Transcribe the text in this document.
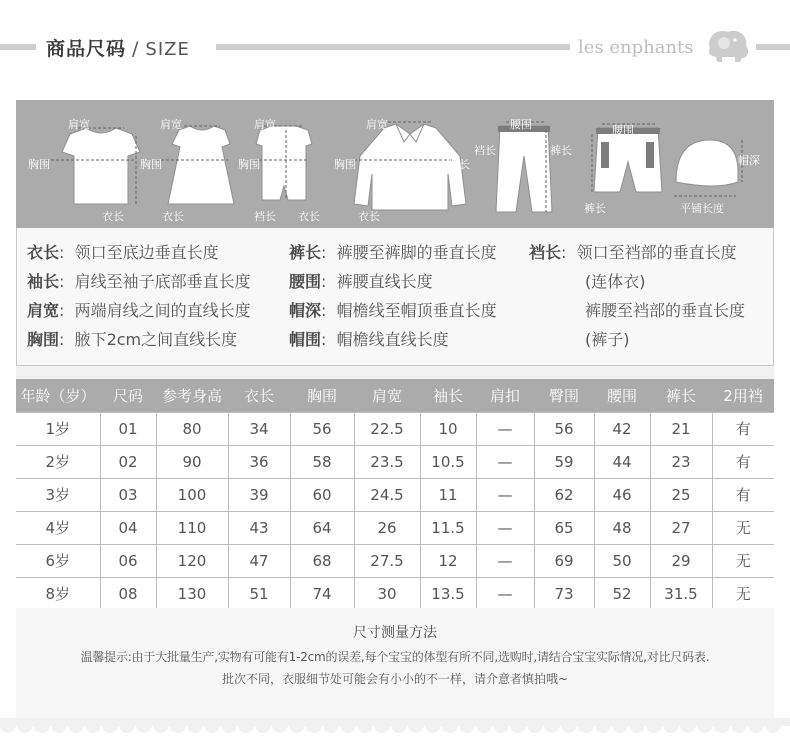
商品尺码 / SIZE	les enphants
肩宽
胸围
衣长
肩宽
胸围
衣长
肩宽
胸围
裆长 衣长
肩宽
胸围	袖长
衣长
腰围
裆长	裤长
腰围
裤长
帽深
平铺长度
衣长: 领口至底边垂直长度
袖长: 肩线至袖子底部垂直长度
肩宽: 两端肩线之间的直线长度
胸围: 腋下2cm之间直线长度
裤长: 裤腰至裤脚的垂直长度
腰围: 裤腰直线长度
帽深: 帽檐线至帽顶垂直长度
帽围: 帽檐线直线长度
裆长: 领口至裆部的垂直长度
(连体衣)
裤腰至裆部的垂直长度
(裤子)
年龄（岁）	尺码	参考身高	衣长	胸围	肩宽	袖长	肩扣	臀围	腰围	裤长	2用裆
1岁	01	80	34	56	22.5	10	—	56	42	21	有
2岁	02	90	36	58	23.5	10.5	—	59	44	23	有
3岁	03	100	39	60	24.5	11	—	62	46	25	有
4岁	04	110	43	64	26	11.5	—	65	48	27	无
6岁	06	120	47	68	27.5	12	—	69	50	29	无
8岁	08	130	51	74	30	13.5	—	73	52	31.5	无
尺寸测量方法
温馨提示:由于大批量生产,实物有可能有1-2cm的误差,每个宝宝的体型有所不同,选购时,请结合宝宝实际情况,对比尺码表.
批次不同，衣服细节处可能会有小小的不一样，请介意者慎拍哦~
